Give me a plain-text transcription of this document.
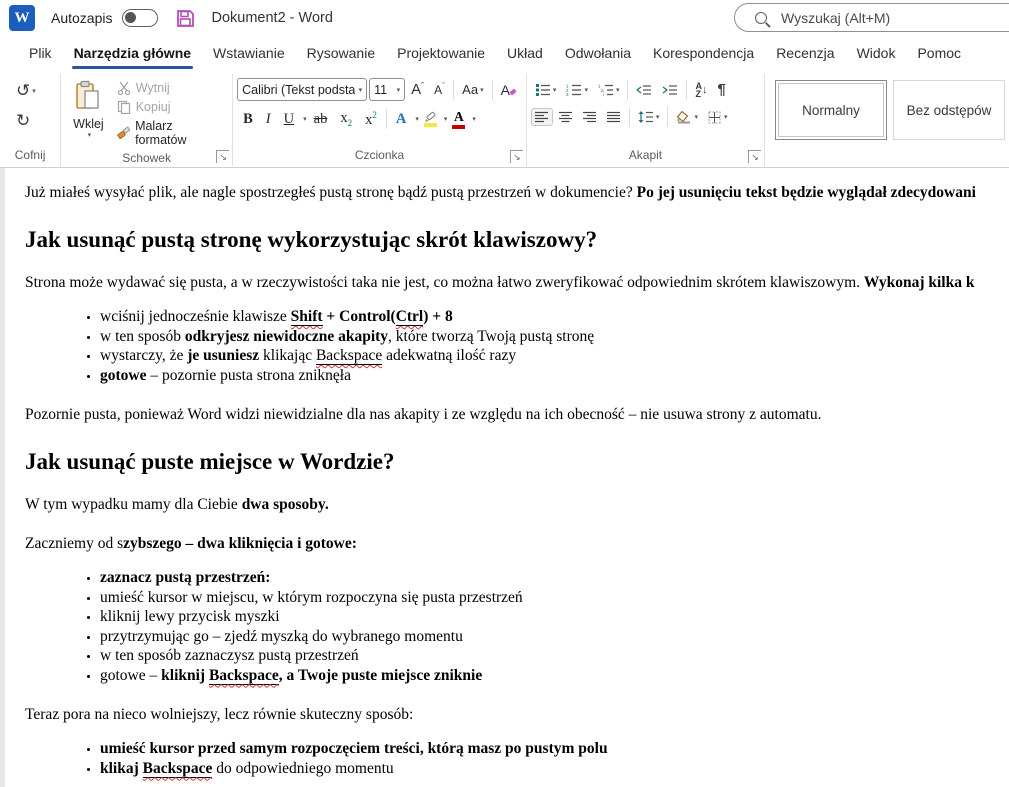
W Autozapis	Dokument2 - Word	Wyszukaj (Alt+M)
Plik	Narzędzia główne	Wstawianie	Rysowanie	Projektowanie	Układ	Odwołania	Korespondencja	Recenzja	Widok	Pomoc
↺ ▾
↻
Cofnij
Wklej
▾
Wytnij
Kopiuj
Malarz formatów
Schowek	↘
Calibri (Tekst podsta ▾ 11 ▾ A ˆ A ˇ Aa ▾ A
B I U	▾ ab $x_2$ $x^2$	A	▾	▾ A ▾
Czcionka	↘
▾
1
2
3
▾
1
a
i
▾	A
Z ↓ ¶
▾	▾	▾
Akapit	↘
Normalny	Bez odstępów

Już miałeś wysyłać plik, ale nagle spostrzegłeś pustą stronę bądź pustą przestrzeń w dokumencie? Po jej usunięciu tekst będzie wyglądał zdecydowani

Jak usunąć pustą stronę wykorzystując skrót klawiszowy?

Strona może wydawać się pusta, a w rzeczywistości taka nie jest, co można łatwo zweryfikować odpowiednim skrótem klawiszowym. Wykonaj kilka k

• wciśnij jednocześnie klawisze Shift + Control(Ctrl) + 8
• w ten sposób odkryjesz niewidoczne akapity, które tworzą Twoją pustą stronę
• wystarczy, że je usuniesz klikając Backspace adekwatną ilość razy
• gotowe – pozornie pusta strona zniknęła

Pozornie pusta, ponieważ Word widzi niewidzialne dla nas akapity i ze względu na ich obecność – nie usuwa strony z automatu.

Jak usunąć puste miejsce w Wordzie?

W tym wypadku mamy dla Ciebie dwa sposoby.

Zaczniemy od szybszego – dwa kliknięcia i gotowe:

• zaznacz pustą przestrzeń:
• umieść kursor w miejscu, w którym rozpoczyna się pusta przestrzeń
• kliknij lewy przycisk myszki
• przytrzymując go – zjedź myszką do wybranego momentu
• w ten sposób zaznaczysz pustą przestrzeń
• gotowe – kliknij Backspace, a Twoje puste miejsce zniknie

Teraz pora na nieco wolniejszy, lecz równie skuteczny sposób:

• umieść kursor przed samym rozpoczęciem treści, którą masz po pustym polu
• klikaj Backspace do odpowiedniego momentu
